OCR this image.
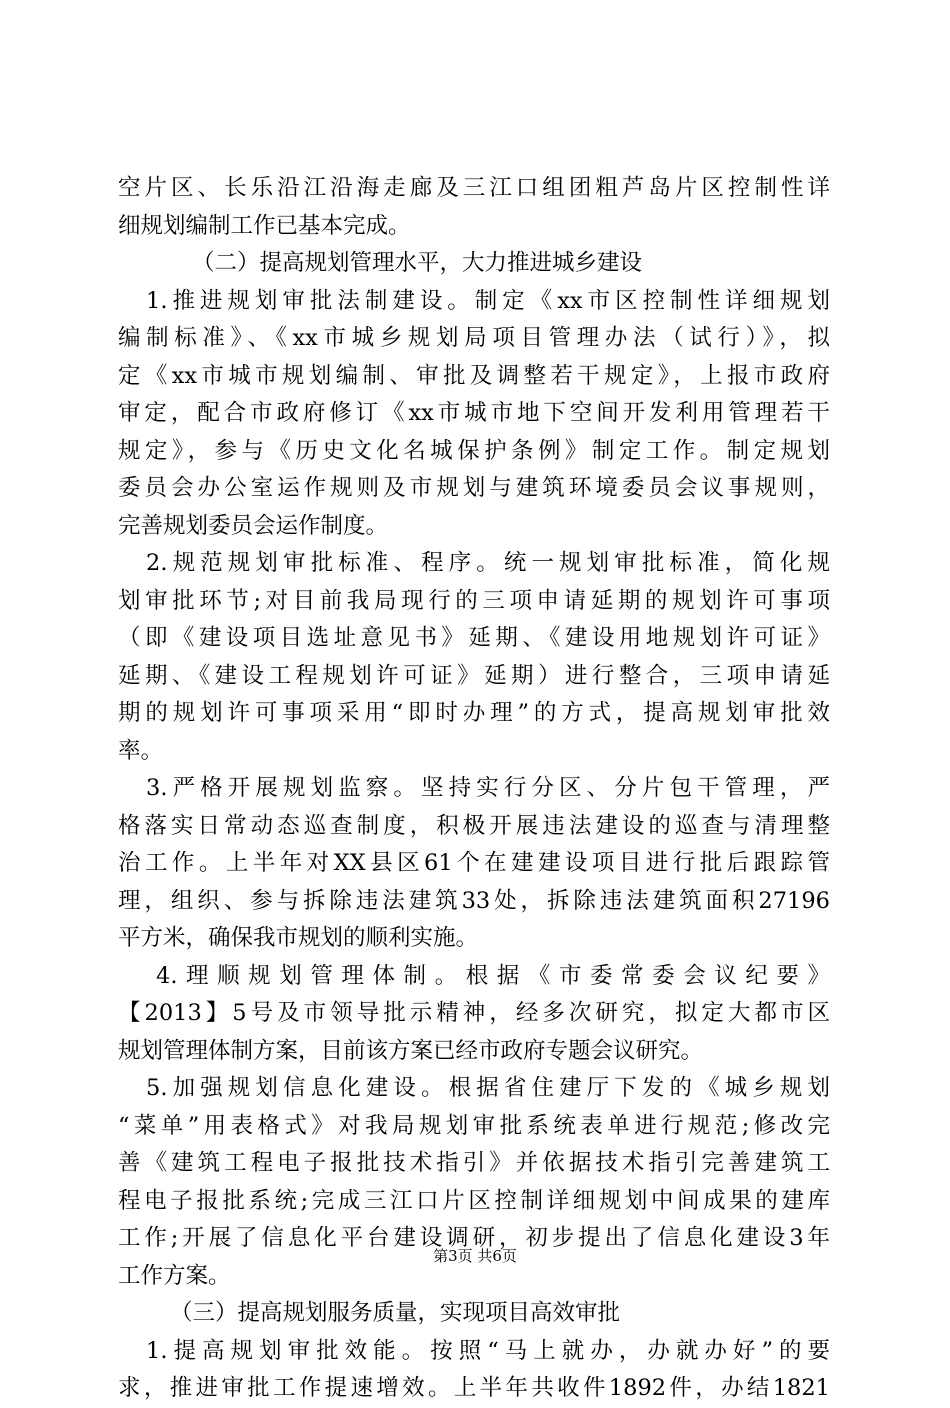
空片区、长乐沿江沿海走廊及三江口组团粗芦岛片区控制性详
细规划编制工作已基本完成。
（二）提高规划管理水平，大力推进城乡建设
1.推进规划审批法制建设。制定《xx市区控制性详细规划
编制标准》、《xx市城乡规划局项目管理办法（试行）》，拟
定《xx市城市规划编制、审批及调整若干规定》，上报市政府
审定，配合市政府修订《xx市城市地下空间开发利用管理若干
规定》，参与《历史文化名城保护条例》制定工作。制定规划
委员会办公室运作规则及市规划与建筑环境委员会议事规则，
完善规划委员会运作制度。
2.规范规划审批标准、程序。统一规划审批标准，简化规
划审批环节;对目前我局现行的三项申请延期的规划许可事项
（即《建设项目选址意见书》延期、《建设用地规划许可证》
延期、《建设工程规划许可证》延期）进行整合，三项申请延
期的规划许可事项采用“即时办理”的方式，提高规划审批效
率。
3.严格开展规划监察。坚持实行分区、分片包干管理，严
格落实日常动态巡查制度，积极开展违法建设的巡查与清理整
治工作。上半年对XX县区61个在建建设项目进行批后跟踪管
理，组织、参与拆除违法建筑33处，拆除违法建筑面积27196
平方米，确保我市规划的顺利实施。
4.理顺规划管理体制。根据《市委常委会议纪要》
【2013】5号及市领导批示精神，经多次研究，拟定大都市区
规划管理体制方案，目前该方案已经市政府专题会议研究。
5.加强规划信息化建设。根据省住建厅下发的《城乡规划
“菜单”用表格式》对我局规划审批系统表单进行规范;修改完
善《建筑工程电子报批技术指引》并依据技术指引完善建筑工
程电子报批系统;完成三江口片区控制详细规划中间成果的建库
工作;开展了信息化平台建设调研，初步提出了信息化建设3年
工作方案。
（三）提高规划服务质量，实现项目高效审批
1.提高规划审批效能。按照“马上就办，办就办好”的要
求，推进审批工作提速增效。上半年共收件1892件，办结1821
第3页 共6页
